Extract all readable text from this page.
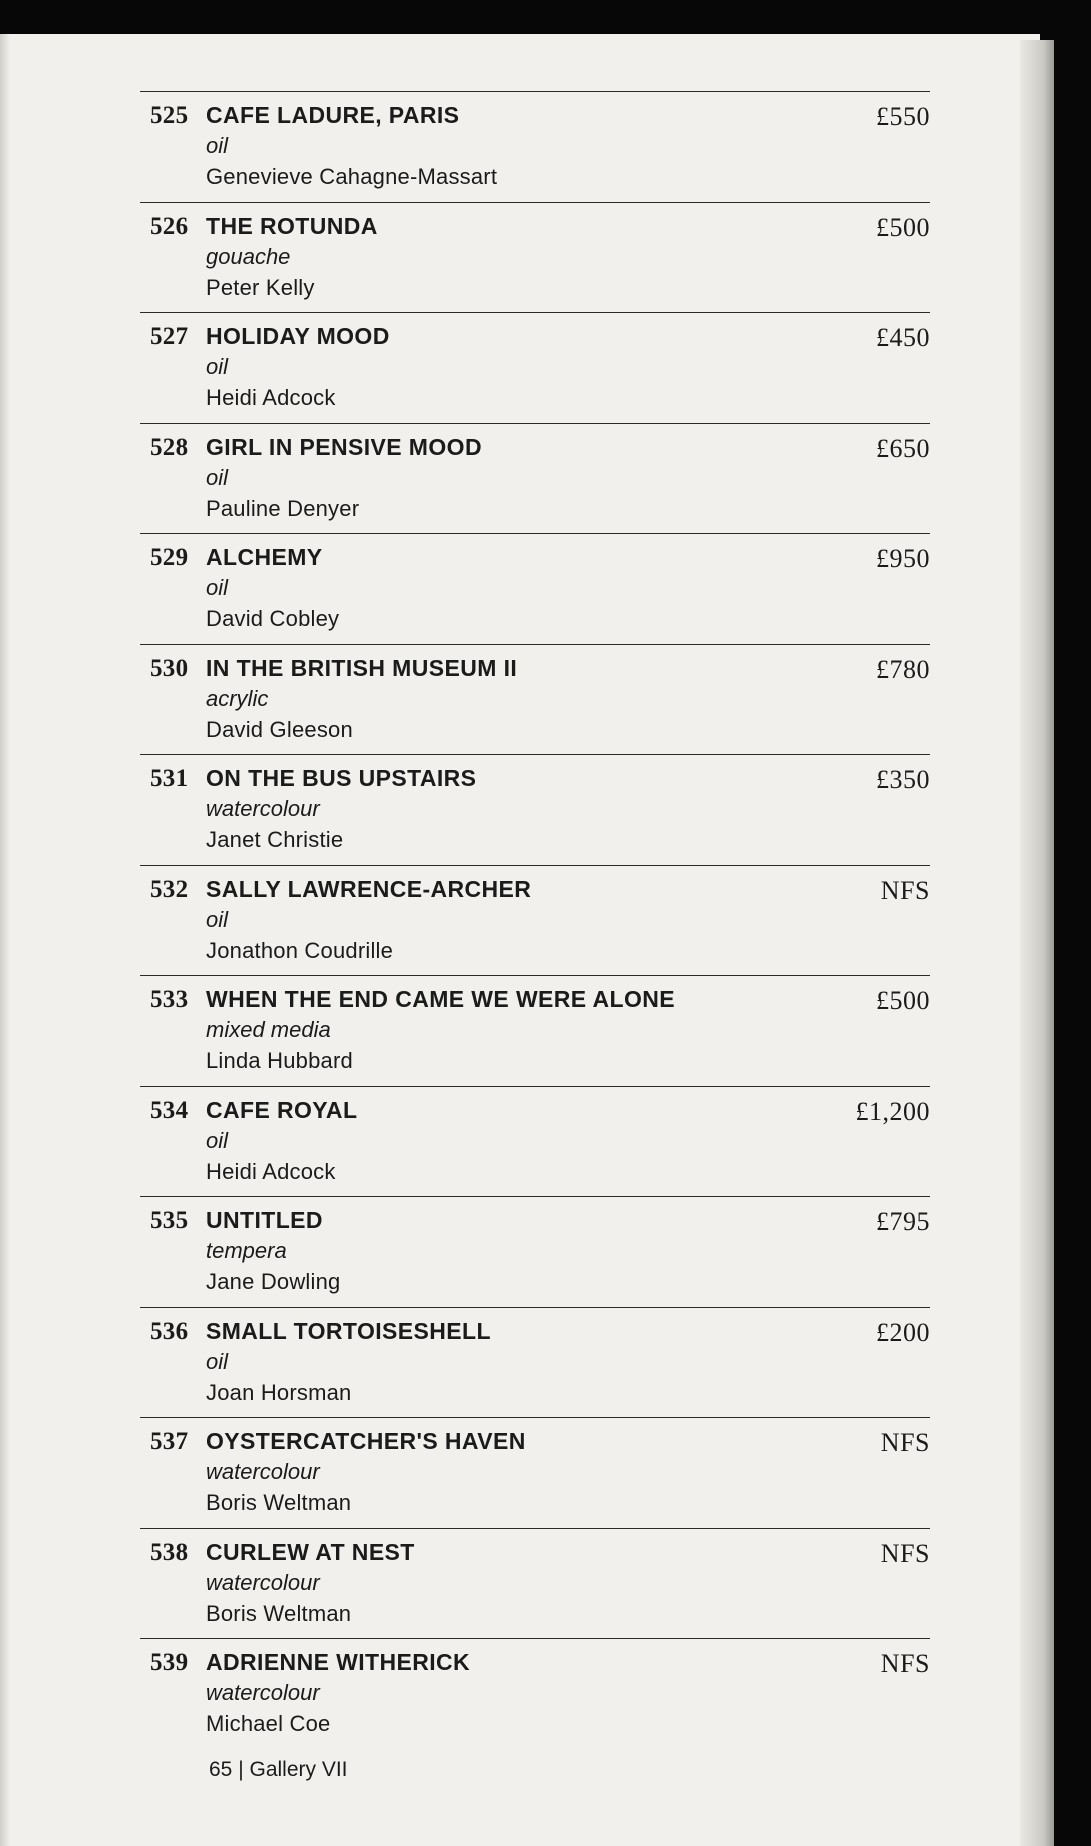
525 CAFE LADURE, PARIS
oil
Genevieve Cahagne-Massart
£550
526 THE ROTUNDA
gouache
Peter Kelly
£500
527 HOLIDAY MOOD
oil
Heidi Adcock
£450
528 GIRL IN PENSIVE MOOD
oil
Pauline Denyer
£650
529 ALCHEMY
oil
David Cobley
£950
530 IN THE BRITISH MUSEUM II
acrylic
David Gleeson
£780
531 ON THE BUS UPSTAIRS
watercolour
Janet Christie
£350
532 SALLY LAWRENCE-ARCHER
oil
Jonathon Coudrille
NFS
533 WHEN THE END CAME WE WERE ALONE
mixed media
Linda Hubbard
£500
534 CAFE ROYAL
oil
Heidi Adcock
£1,200
535 UNTITLED
tempera
Jane Dowling
£795
536 SMALL TORTOISESHELL
oil
Joan Horsman
£200
537 OYSTERCATCHER'S HAVEN
watercolour
Boris Weltman
NFS
538 CURLEW AT NEST
watercolour
Boris Weltman
NFS
539 ADRIENNE WITHERICK
watercolour
Michael Coe
NFS
65 | Gallery VII
